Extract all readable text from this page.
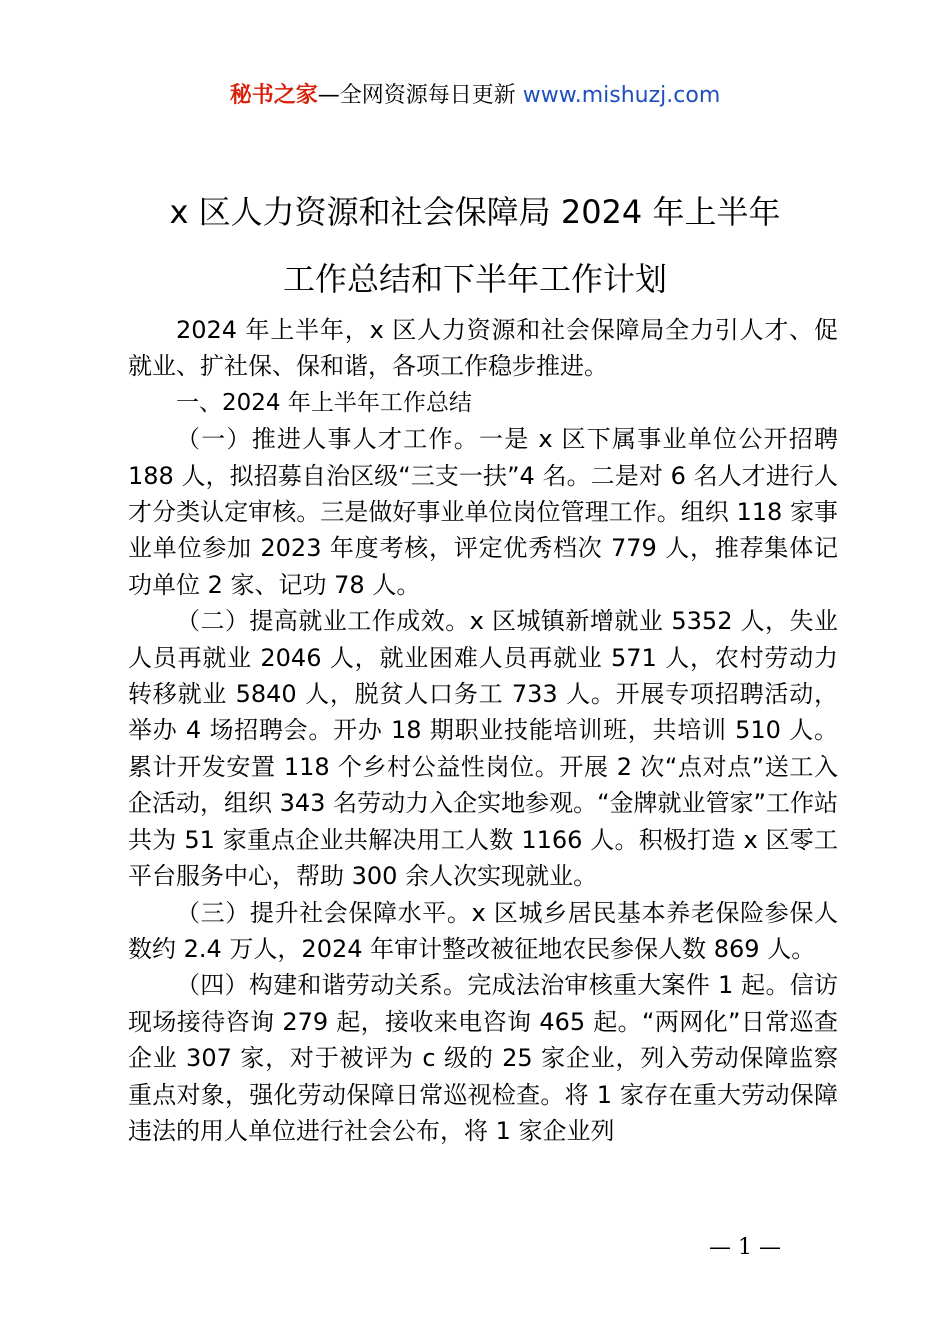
秘书之家—全网资源每日更新 www.mishuzj.com
x 区人力资源和社会保障局 2024 年上半年
工作总结和下半年工作计划

2024 年上半年，x 区人力资源和社会保障局全力引人才、促就业、扩社保、保和谐，各项工作稳步推进。

一、2024 年上半年工作总结

（一）推进人事人才工作。一是 x 区下属事业单位公开招聘 188 人，拟招募自治区级“三支一扶”4 名。二是对 6 名人才进行人才分类认定审核。三是做好事业单位岗位管理工作。组织 118 家事业单位参加 2023 年度考核，评定优秀档次 779 人，推荐集体记功单位 2 家、记功 78 人。

（二）提高就业工作成效。x 区城镇新增就业 5352 人，失业人员再就业 2046 人，就业困难人员再就业 571 人，农村劳动力转移就业 5840 人，脱贫人口务工 733 人。开展专项招聘活动，举办 4 场招聘会。开办 18 期职业技能培训班，共培训 510 人。累计开发安置 118 个乡村公益性岗位。开展 2 次“点对点”送工入企活动，组织 343 名劳动力入企实地参观。“金牌就业管家”工作站共为 51 家重点企业共解决用工人数 1166 人。积极打造 x 区零工平台服务中心，帮助 300 余人次实现就业。

（三）提升社会保障水平。x 区城乡居民基本养老保险参保人数约 2.4 万人，2024 年审计整改被征地农民参保人数 869 人。

（四）构建和谐劳动关系。完成法治审核重大案件 1 起。信访现场接待咨询 279 起，接收来电咨询 465 起。“两网化”日常巡查企业 307 家，对于被评为 c 级的 25 家企业，列入劳动保障监察重点对象，强化劳动保障日常巡视检查。将 1 家存在重大劳动保障违法的用人单位进行社会公布，将 1 家企业列

— 1 —
